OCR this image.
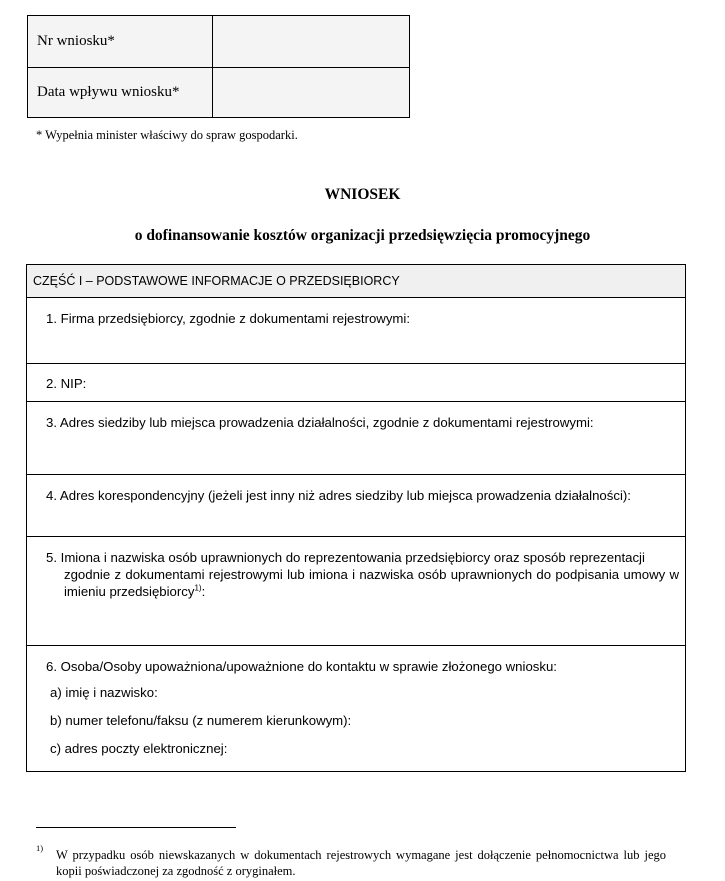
Nr wniosku*
Data wpływu wniosku*
* Wypełnia minister właściwy do spraw gospodarki.
WNIOSEK
o dofinansowanie kosztów organizacji przedsięwzięcia promocyjnego
CZĘŚĆ I – PODSTAWOWE INFORMACJE O PRZEDSIĘBIORCY
1. Firma przedsiębiorcy, zgodnie z dokumentami rejestrowymi:
2. NIP:
3. Adres siedziby lub miejsca prowadzenia działalności, zgodnie z dokumentami rejestrowymi:
4. Adres korespondencyjny (jeżeli jest inny niż adres siedziby lub miejsca prowadzenia działalności):
5. Imiona i nazwiska osób uprawnionych do reprezentowania przedsiębiorcy oraz sposób reprezentacji
zgodnie z dokumentami rejestrowymi lub imiona i nazwiska osób uprawnionych do podpisania umowy w imieniu przedsiębiorcy$^{1)}$:
6. Osoba/Osoby upoważniona/upoważnione do kontaktu w sprawie złożonego wniosku:
a) imię i nazwisko:
b) numer telefonu/faksu (z numerem kierunkowym):
c) adres poczty elektronicznej:
1) W przypadku osób niewskazanych w dokumentach rejestrowych wymagane jest dołączenie pełnomocnictwa lub jego kopii poświadczonej za zgodność z oryginałem.
